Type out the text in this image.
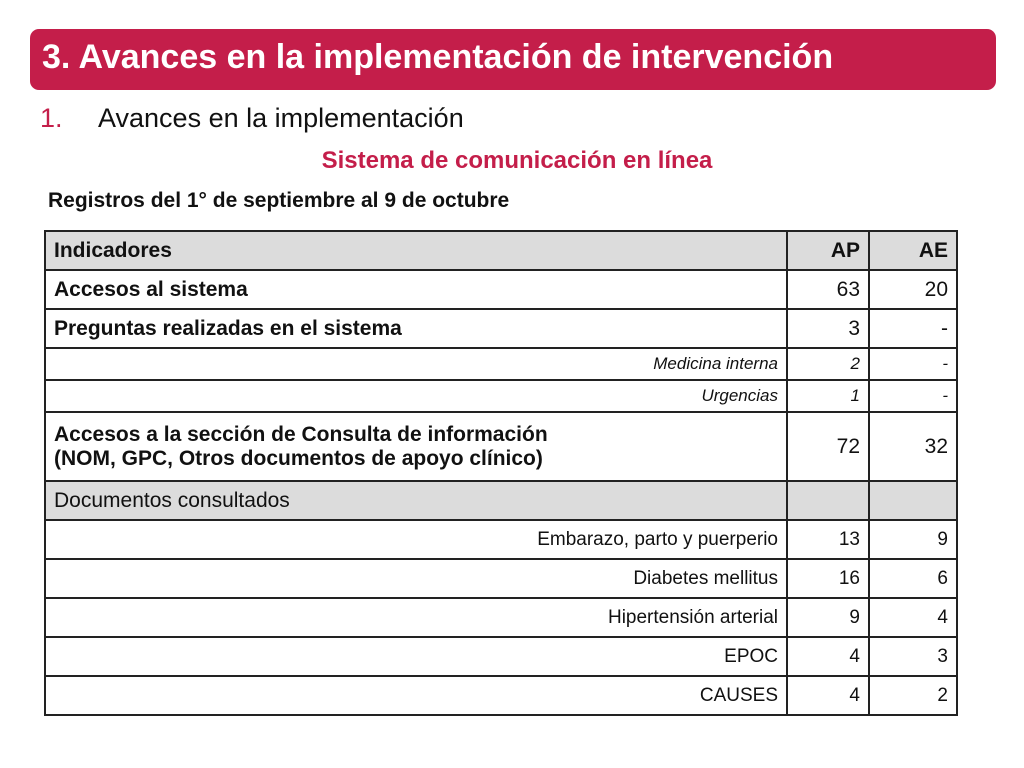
3. Avances en la implementación de intervención
1. Avances en la implementación
Sistema de comunicación en línea
Registros del 1° de septiembre al 9 de octubre
Indicadores	AP	AE
Accesos al sistema	63	20
Preguntas realizadas en el sistema	3	-
Medicina interna	2	-
Urgencias	1	-

Accesos a la sección de Consulta de información
(NOM, GPC, Otros documentos de apoyo clínico)	72	32
Documentos consultados		
Embarazo, parto y puerperio	13	9
Diabetes mellitus	16	6
Hipertensión arterial	9	4
EPOC	4	3
CAUSES	4	2
